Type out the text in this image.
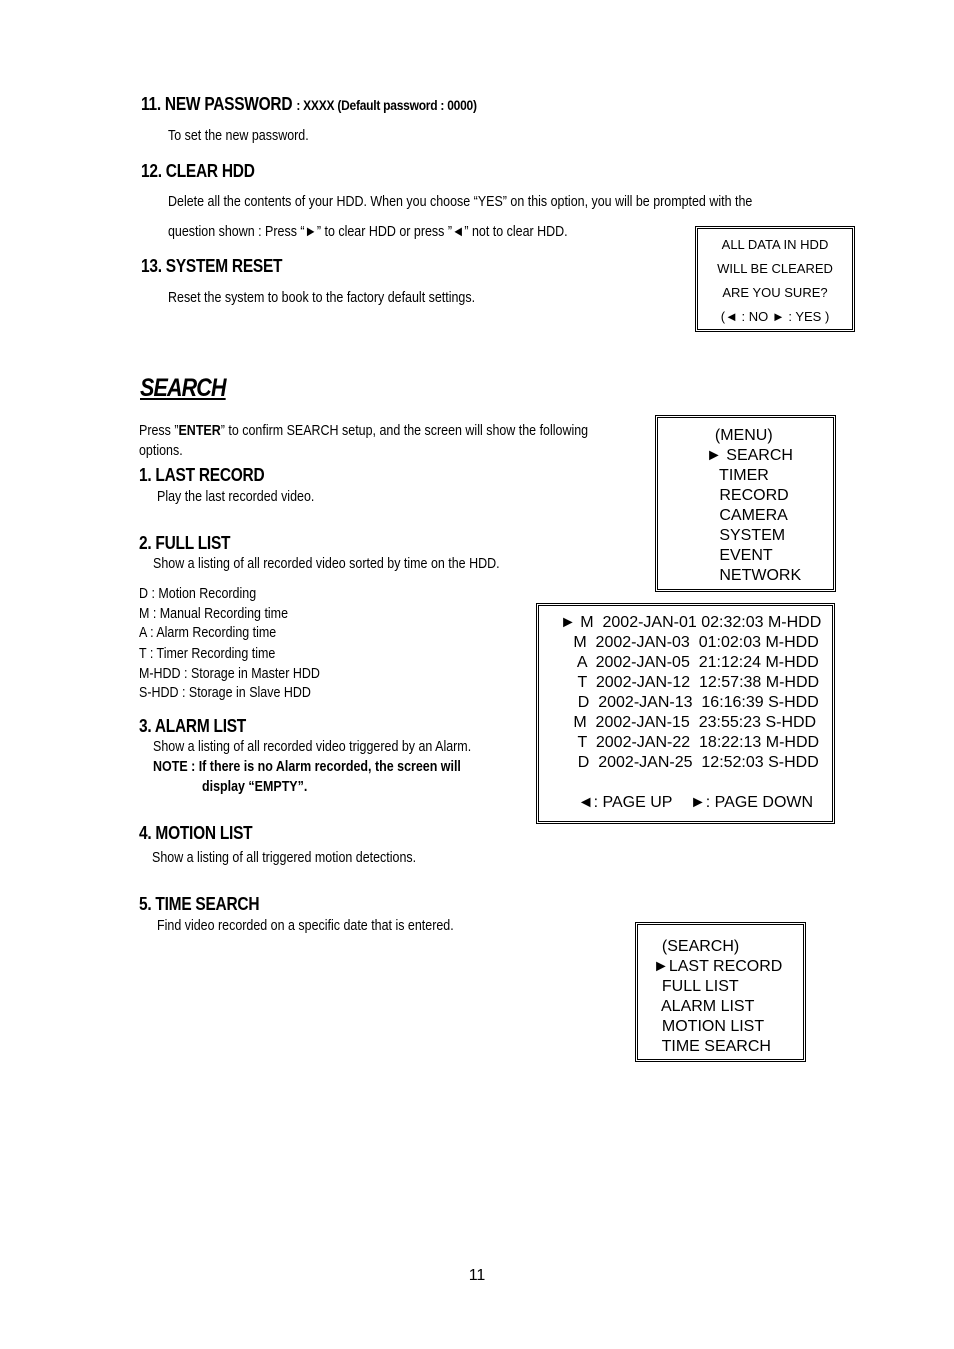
11. NEW PASSWORD : XXXX (Default password : 0000)
To set the new password.
12. CLEAR HDD
Delete all the contents of your HDD. When you choose “YES” on this option, you will be prompted with the
question shown : Press “►” to clear HDD or press ”◄” not to clear HDD.
13. SYSTEM RESET
Reset the system to book to the factory default settings.
ALL DATA IN HDD
WILL BE CLEARED
ARE YOU SURE?
(◄ : NO ► : YES )
SEARCH
Press ”ENTER” to confirm SEARCH setup, and the screen will show the following
options.
1. LAST RECORD
Play the last recorded video.
2. FULL LIST
Show a listing of all recorded video sorted by time on the HDD.
D : Motion Recording
M : Manual Recording time
A : Alarm Recording time
T : Timer Recording time
M-HDD : Storage in Master HDD
S-HDD : Storage in Slave HDD
3. ALARM LIST
Show a listing of all recorded video triggered by an Alarm.
NOTE : If there is no Alarm recorded, the screen will
display “EMPTY”.
4. MOTION LIST
Show a listing of all triggered motion detections.
5. TIME SEARCH
Find video recorded on a specific date that is entered.
(MENU)
► SEARCH
TIMER
RECORD
CAMERA
SYSTEM
EVENT
NETWORK
► M  2002-JAN-01 02:32:03 M-HDD
M  2002-JAN-03  01:02:03 M-HDD
A  2002-JAN-05  21:12:24 M-HDD
T  2002-JAN-12  12:57:38 M-HDD
D  2002-JAN-13  16:16:39 S-HDD
M  2002-JAN-15  23:55:23 S-HDD
T  2002-JAN-22  18:22:13 M-HDD
D  2002-JAN-25  12:52:03 S-HDD

◄: PAGE UP    ►: PAGE DOWN
(SEARCH)
►LAST RECORD
FULL LIST
ALARM LIST
MOTION LIST
TIME SEARCH
11
